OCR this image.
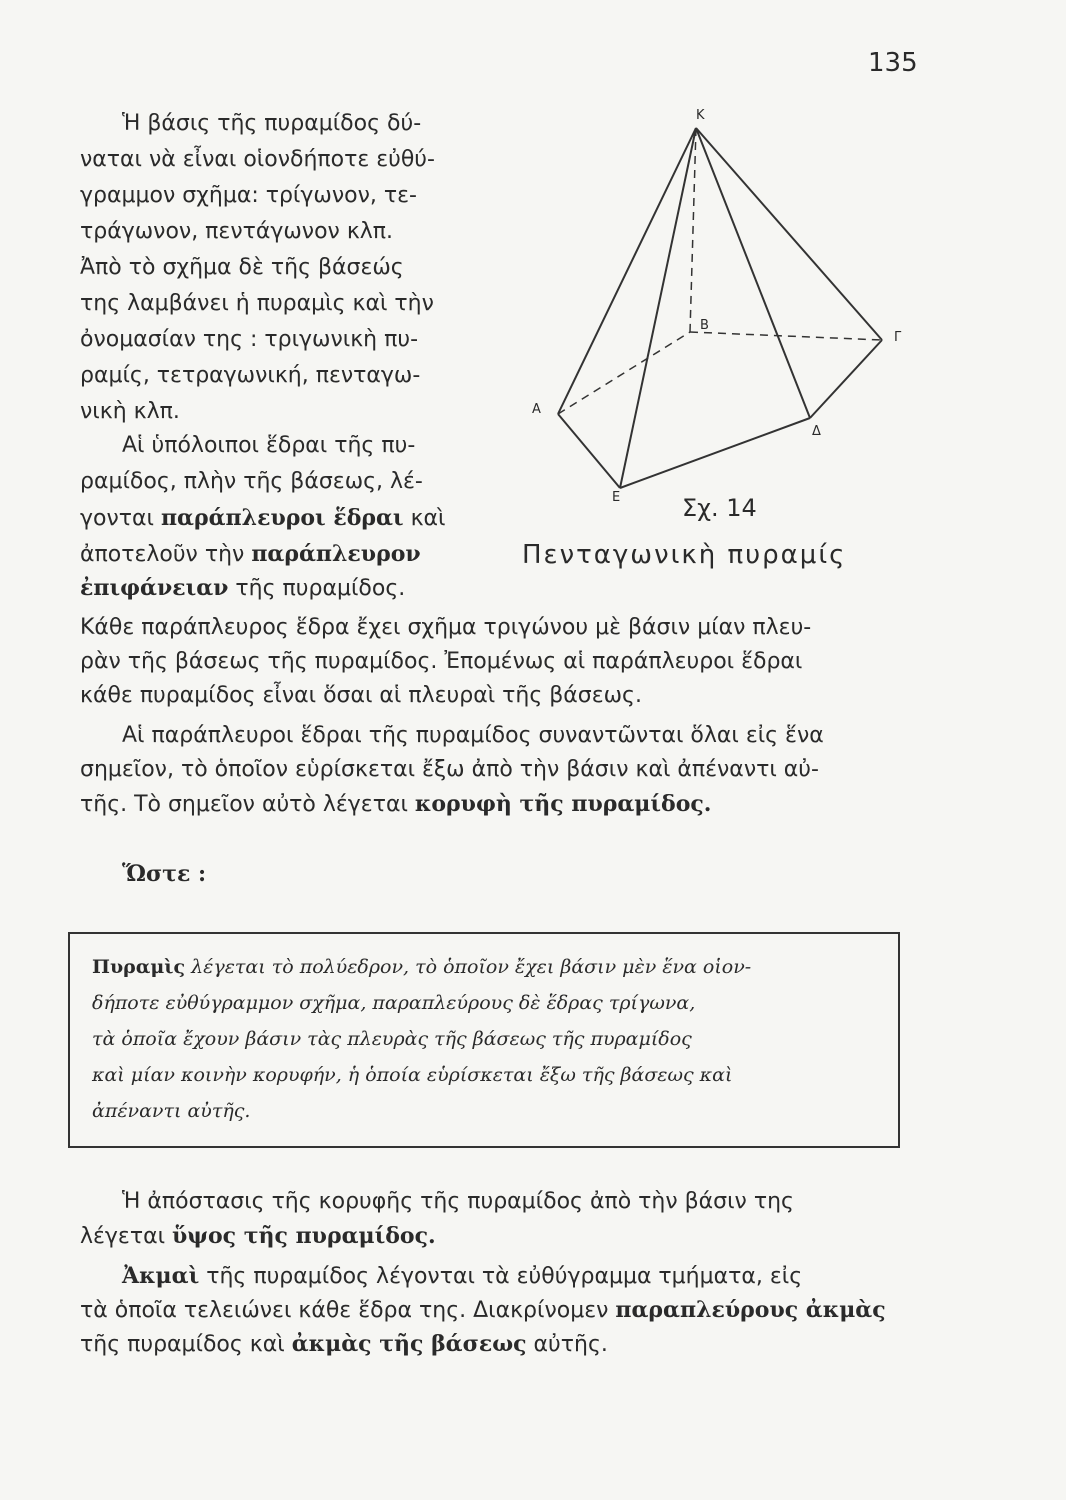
135
Ἡ βάσις τῆς πυραμίδος δύ-
ναται νὰ εἶναι οἱονδήποτε εὐθύ-
γραμμον σχῆμα: τρίγωνον, τε-
τράγωνον, πεντάγωνον κλπ.
Ἀπὸ τὸ σχῆμα δὲ τῆς βάσεώς
της λαμβάνει ἡ πυραμὶς καὶ τὴν
ὀνομασίαν της : τριγωνικὴ πυ-
ραμίς, τετραγωνική, πενταγω-
νικὴ κλπ.
Αἱ ὑπόλοιποι ἕδραι τῆς πυ-
ραμίδος, πλὴν τῆς βάσεως, λέ-
γονται παράπλευροι ἕδραι καὶ
ἀποτελοῦν τὴν παράπλευρον
ἐπιφάνειαν τῆς πυραμίδος.
Κ
Α
Β
Γ
Δ
Ε	Σχ. 14
Πενταγωνικὴ πυραμίς
Κάθε παράπλευρος ἕδρα ἔχει σχῆμα τριγώνου μὲ βάσιν μίαν πλευ-
ρὰν τῆς βάσεως τῆς πυραμίδος. Ἐπομένως αἱ παράπλευροι ἕδραι
κάθε πυραμίδος εἶναι ὅσαι αἱ πλευραὶ τῆς βάσεως.
Αἱ παράπλευροι ἕδραι τῆς πυραμίδος συναντῶνται ὅλαι εἰς ἕνα
σημεῖον, τὸ ὁποῖον εὑρίσκεται ἔξω ἀπὸ τὴν βάσιν καὶ ἀπέναντι αὐ-
τῆς. Τὸ σημεῖον αὐτὸ λέγεται κορυφὴ τῆς πυραμίδος.
Ὥστε :
Πυραμὶς λέγεται τὸ πολύεδρον, τὸ ὁποῖον ἔχει βάσιν μὲν ἕνα οἱον-
δήποτε εὐθύγραμμον σχῆμα, παραπλεύρους δὲ ἕδρας τρίγωνα,
τὰ ὁποῖα ἔχουν βάσιν τὰς πλευρὰς τῆς βάσεως τῆς πυραμίδος
καὶ μίαν κοινὴν κορυφήν, ἡ ὁποία εὑρίσκεται ἔξω τῆς βάσεως καὶ
ἀπέναντι αὐτῆς.
Ἡ ἀπόστασις τῆς κορυφῆς τῆς πυραμίδος ἀπὸ τὴν βάσιν της
λέγεται ὕψος τῆς πυραμίδος.
Ἀκμαὶ τῆς πυραμίδος λέγονται τὰ εὐθύγραμμα τμήματα, εἰς
τὰ ὁποῖα τελειώνει κάθε ἕδρα της. Διακρίνομεν παραπλεύρους ἀκμὰς
τῆς πυραμίδος καὶ ἀκμὰς τῆς βάσεως αὐτῆς.
